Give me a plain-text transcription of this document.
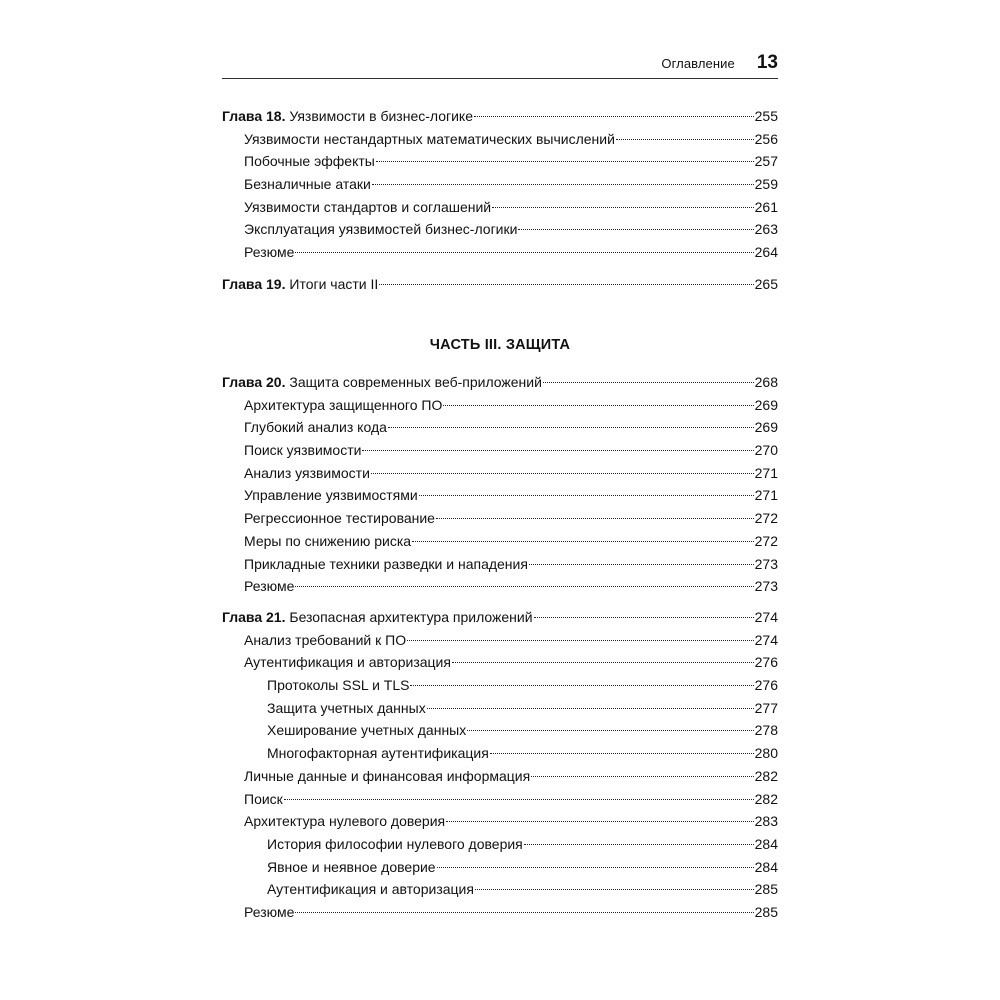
Оглавление 13
Глава 18. Уязвимости в бизнес-логике	255
Уязвимости нестандартных математических вычислений	256
Побочные эффекты	257
Безналичные атаки	259
Уязвимости стандартов и соглашений	261
Эксплуатация уязвимостей бизнес-логики	263
Резюме	264
Глава 19. Итоги части II	265
ЧАСТЬ III. ЗАЩИТА
Глава 20. Защита современных веб-приложений	268
Архитектура защищенного ПО	269
Глубокий анализ кода	269
Поиск уязвимости	270
Анализ уязвимости	271
Управление уязвимостями	271
Регрессионное тестирование	272
Меры по снижению риска	272
Прикладные техники разведки и нападения	273
Резюме	273
Глава 21. Безопасная архитектура приложений	274
Анализ требований к ПО	274
Аутентификация и авторизация	276
Протоколы SSL и TLS	276
Защита учетных данных	277
Хеширование учетных данных	278
Многофакторная аутентификация	280
Личные данные и финансовая информация	282
Поиск	282
Архитектура нулевого доверия	283
История философии нулевого доверия	284
Явное и неявное доверие	284
Аутентификация и авторизация	285
Резюме	285
